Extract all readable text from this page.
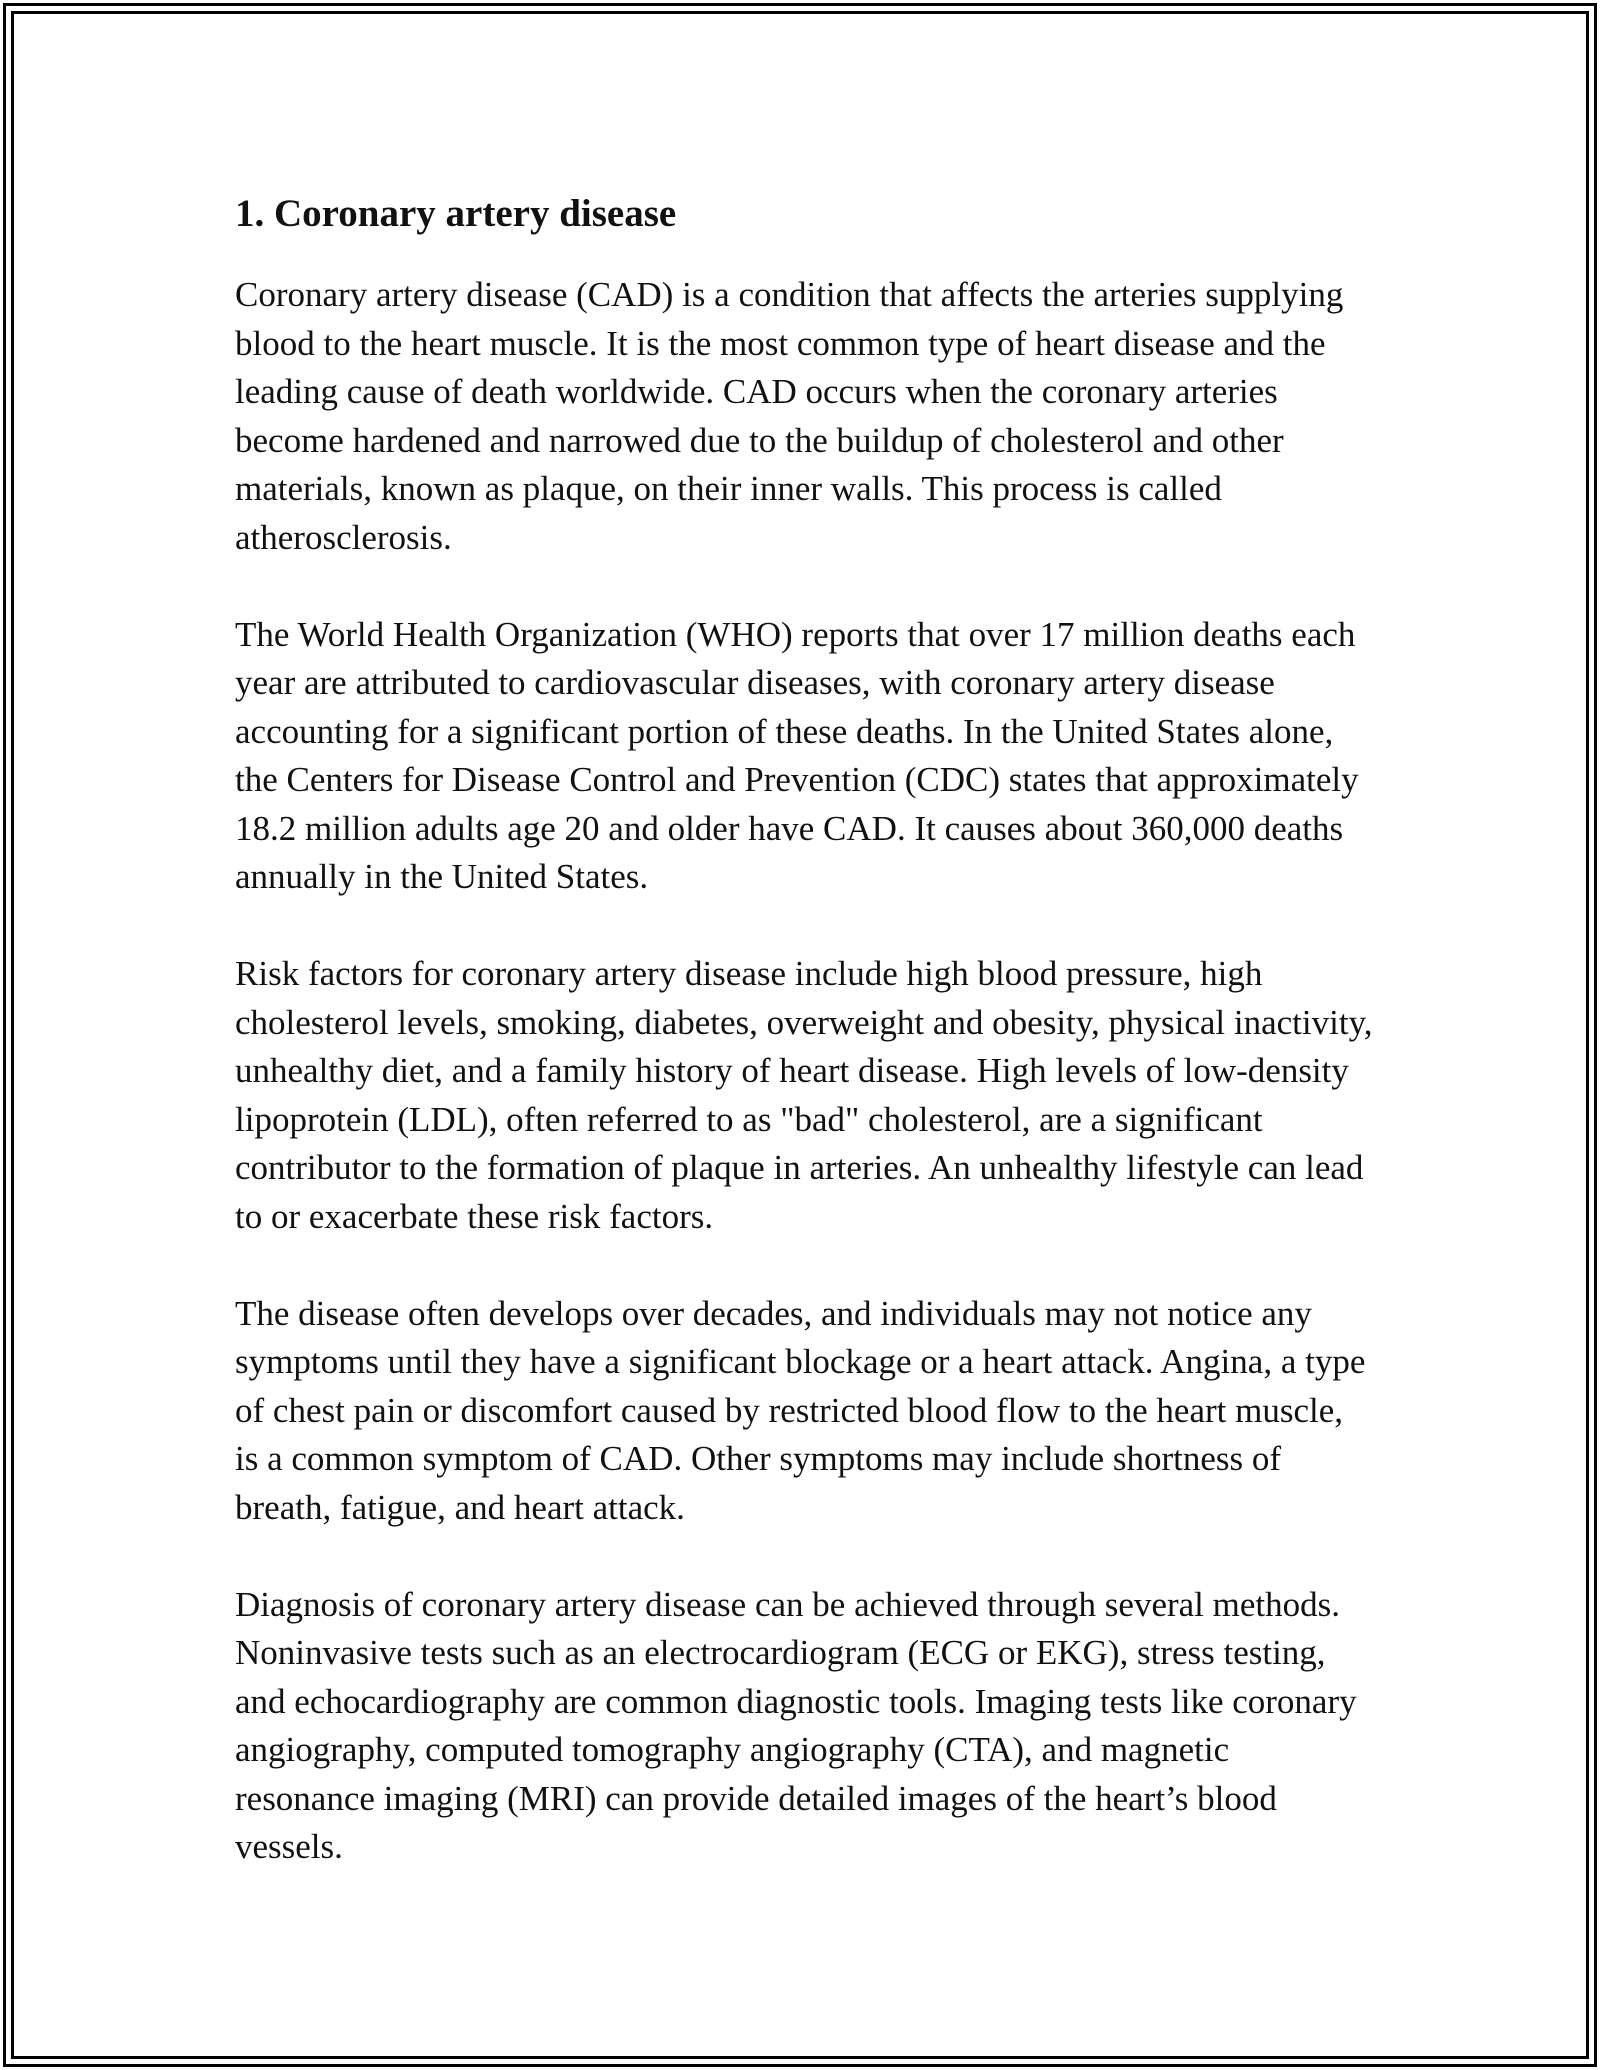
1. Coronary artery disease

Coronary artery disease (CAD) is a condition that affects the arteries supplying blood to the heart muscle. It is the most common type of heart disease and the leading cause of death worldwide. CAD occurs when the coronary arteries become hardened and narrowed due to the buildup of cholesterol and other materials, known as plaque, on their inner walls. This process is called atherosclerosis.

The World Health Organization (WHO) reports that over 17 million deaths each year are attributed to cardiovascular diseases, with coronary artery disease accounting for a significant portion of these deaths. In the United States alone, the Centers for Disease Control and Prevention (CDC) states that approximately 18.2 million adults age 20 and older have CAD. It causes about 360,000 deaths annually in the United States.

Risk factors for coronary artery disease include high blood pressure, high cholesterol levels, smoking, diabetes, overweight and obesity, physical inactivity, unhealthy diet, and a family history of heart disease. High levels of low-density lipoprotein (LDL), often referred to as "bad" cholesterol, are a significant contributor to the formation of plaque in arteries. An unhealthy lifestyle can lead to or exacerbate these risk factors.

The disease often develops over decades, and individuals may not notice any symptoms until they have a significant blockage or a heart attack. Angina, a type of chest pain or discomfort caused by restricted blood flow to the heart muscle, is a common symptom of CAD. Other symptoms may include shortness of breath, fatigue, and heart attack.

Diagnosis of coronary artery disease can be achieved through several methods. Noninvasive tests such as an electrocardiogram (ECG or EKG), stress testing, and echocardiography are common diagnostic tools. Imaging tests like coronary angiography, computed tomography angiography (CTA), and magnetic resonance imaging (MRI) can provide detailed images of the heart’s blood vessels.
